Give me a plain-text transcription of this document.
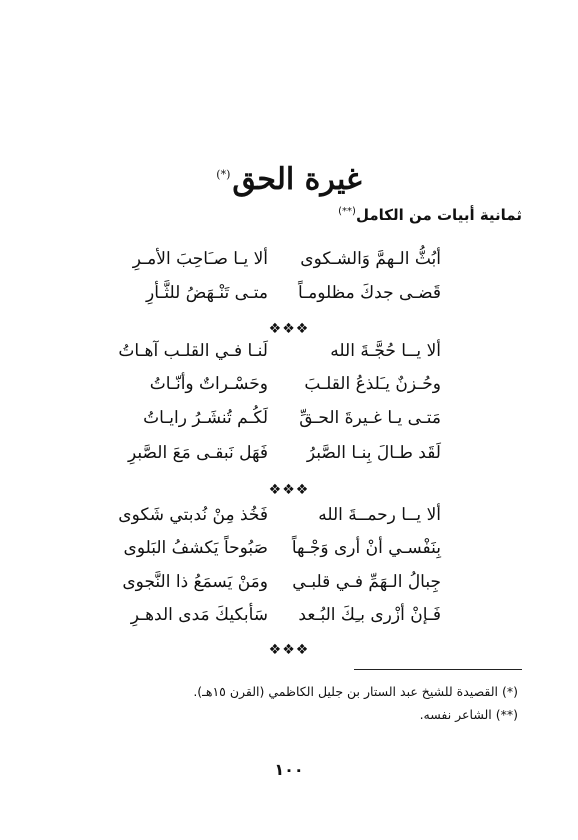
غيرة الحق(*)
ثمانية أبيات من الكامل(**)
أبُثُّ الـهمَّ وَالشـكوى
ألا يـا صـَاحِبَ الأمـرِ
قَضـى جدكَ مظلومـاً
متـى تَنْـهَضُ للثَّـأرِ
❖❖❖
ألا يــا حُجَّـةَ الله
لَنـا فـي القلـب آهـاتُ
وحُـزنٌ يـَلذعُ القلـبَ
وحَسْـراتٌ وأنّـاتُ
مَتـى يـا غـيرةَ الحـقِّ
لَكُـم تُنشَـرُ رايـاتُ
لَقَد طـالَ بِنـا الصَّبرُ
فَهَل نَبقـى مَعَ الصَّبرِ
❖❖❖
ألا يــا رحمــةَ الله
فَخُذ مِنْ نُدبتي شَكوى
بِنَفْسـي أنْ أرى وَجْـهاً
صَبُوحاً يَكشفُ البَلوى
جِبالُ الـهَمِّ فـي قلبـي
ومَنْ يَسمَعُ ذا النَّجوى
فَـإنْ أزْرى بـِكَ البُـعد
سَأبكيكَ مَدى الدهـرِ
❖❖❖
(*) القصيدة للشيخ عبد الستار بن جليل الكاظمي (القرن ١٥هـ).
(**) الشاعر نفسه.
١٠٠
